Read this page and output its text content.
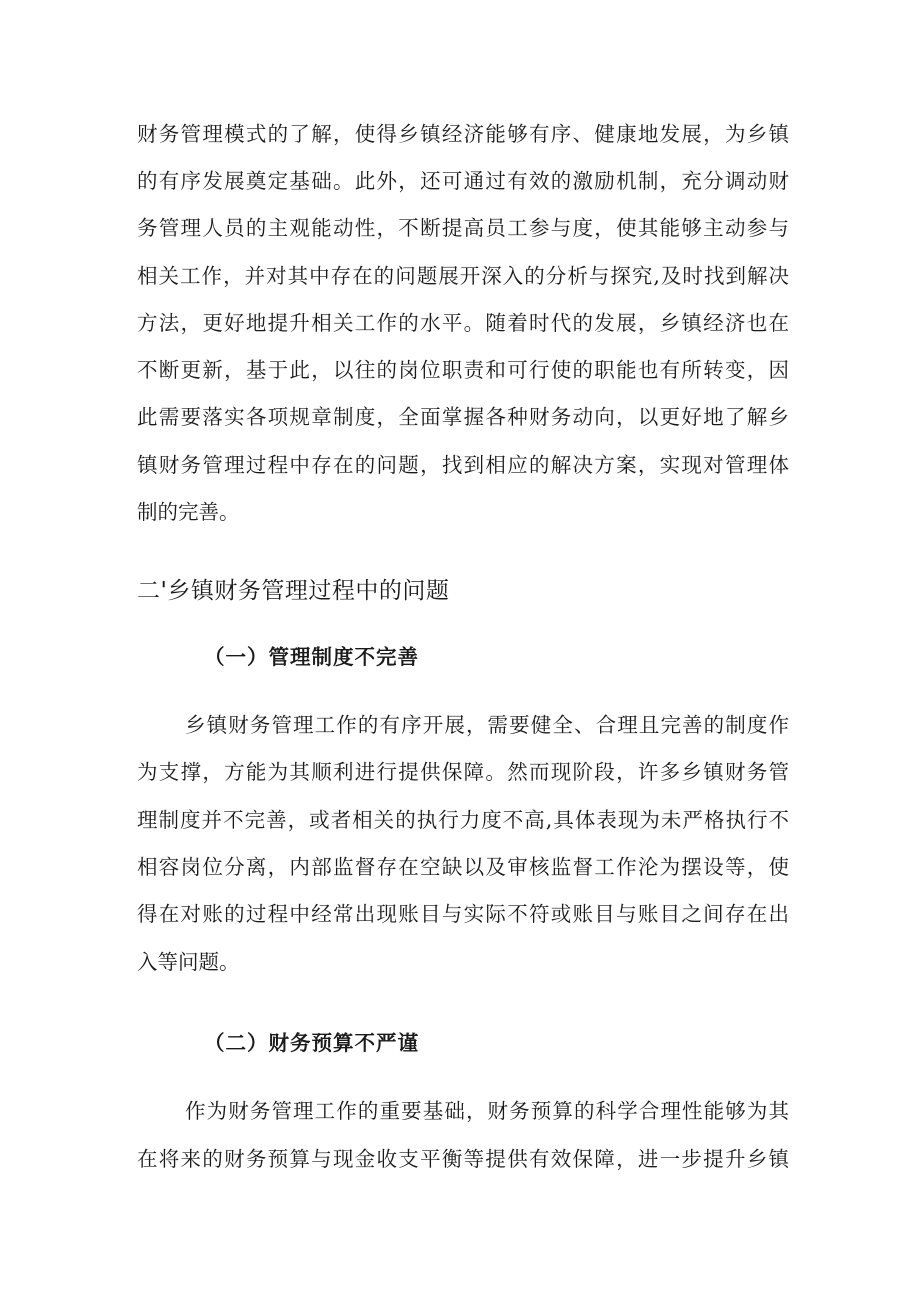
财务管理模式的了解，使得乡镇经济能够有序、健康地发展，为乡镇
的有序发展奠定基础。此外，还可通过有效的激励机制，充分调动财
务管理人员的主观能动性，不断提高员工参与度，使其能够主动参与
相关工作，并对其中存在的问题展开深入的分析与探究,及时找到解决
方法，更好地提升相关工作的水平。随着时代的发展，乡镇经济也在
不断更新，基于此，以往的岗位职责和可行使的职能也有所转变，因
此需要落实各项规章制度，全面掌握各种财务动向，以更好地了解乡
镇财务管理过程中存在的问题，找到相应的解决方案，实现对管理体
制的完善。
二'乡镇财务管理过程中的问题
（一）管理制度不完善
乡镇财务管理工作的有序开展，需要健全、合理且完善的制度作
为支撑，方能为其顺利进行提供保障。然而现阶段，许多乡镇财务管
理制度并不完善，或者相关的执行力度不高,具体表现为未严格执行不
相容岗位分离，内部监督存在空缺以及审核监督工作沦为摆设等，使
得在对账的过程中经常出现账目与实际不符或账目与账目之间存在出
入等问题。
（二）财务预算不严谨
作为财务管理工作的重要基础，财务预算的科学合理性能够为其
在将来的财务预算与现金收支平衡等提供有效保障，进一步提升乡镇
